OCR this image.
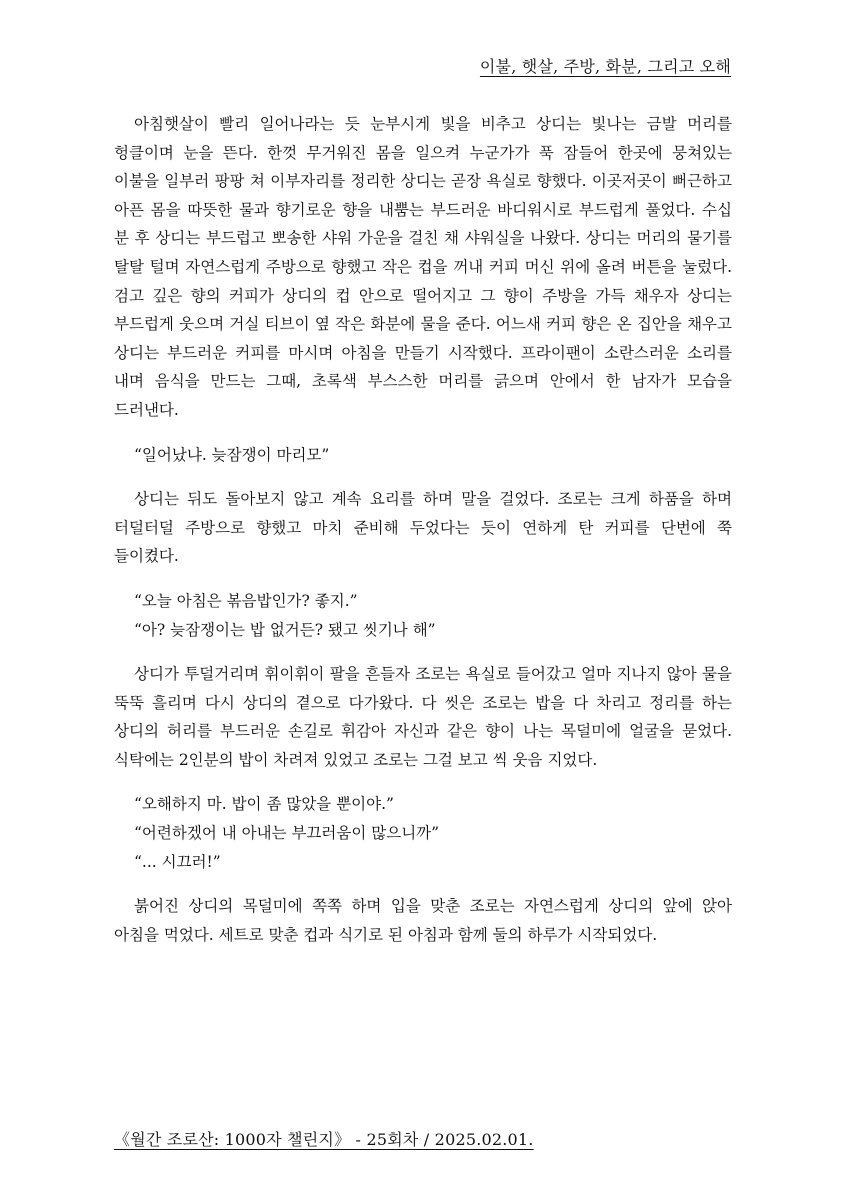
이불, 햇살, 주방, 화분, 그리고 오해

아침햇살이 빨리 일어나라는 듯 눈부시게 빛을 비추고 상디는 빛나는 금발 머리를 헝클이며 눈을 뜬다. 한껏 무거워진 몸을 일으켜 누군가가 푹 잠들어 한곳에 뭉쳐있는 이불을 일부러 팡팡 쳐 이부자리를 정리한 상디는 곧장 욕실로 향했다. 이곳저곳이 뻐근하고 아픈 몸을 따뜻한 물과 향기로운 향을 내뿜는 부드러운 바디워시로 부드럽게 풀었다. 수십 분 후 상디는 부드럽고 뽀송한 샤워 가운을 걸친 채 샤워실을 나왔다. 상디는 머리의 물기를 탈탈 털며 자연스럽게 주방으로 향했고 작은 컵을 꺼내 커피 머신 위에 올려 버튼을 눌렀다. 검고 깊은 향의 커피가 상디의 컵 안으로 떨어지고 그 향이 주방을 가득 채우자 상디는 부드럽게 웃으며 거실 티브이 옆 작은 화분에 물을 준다. 어느새 커피 향은 온 집안을 채우고 상디는 부드러운 커피를 마시며 아침을 만들기 시작했다. 프라이팬이 소란스러운 소리를 내며 음식을 만드는 그때, 초록색 부스스한 머리를 긁으며 안에서 한 남자가 모습을 드러낸다.

“일어났냐. 늦잠쟁이 마리모”

상디는 뒤도 돌아보지 않고 계속 요리를 하며 말을 걸었다. 조로는 크게 하품을 하며 터덜터덜 주방으로 향했고 마치 준비해 두었다는 듯이 연하게 탄 커피를 단번에 쭉 들이켰다.

“오늘 아침은 볶음밥인가? 좋지.”
“아? 늦잠쟁이는 밥 없거든? 됐고 씻기나 해”

상디가 투덜거리며 휘이휘이 팔을 흔들자 조로는 욕실로 들어갔고 얼마 지나지 않아 물을 뚝뚝 흘리며 다시 상디의 곁으로 다가왔다. 다 씻은 조로는 밥을 다 차리고 정리를 하는 상디의 허리를 부드러운 손길로 휘감아 자신과 같은 향이 나는 목덜미에 얼굴을 묻었다. 식탁에는 2인분의 밥이 차려져 있었고 조로는 그걸 보고 씩 웃음 지었다.

“오해하지 마. 밥이 좀 많았을 뿐이야.”
“어련하겠어 내 아내는 부끄러움이 많으니까”
“... 시끄러!”

붉어진 상디의 목덜미에 쪽쪽 하며 입을 맞춘 조로는 자연스럽게 상디의 앞에 앉아 아침을 먹었다. 세트로 맞춘 컵과 식기로 된 아침과 함께 둘의 하루가 시작되었다.

《월간 조로산: 1000자 챌린지》 - 25회차 / 2025.02.01.
